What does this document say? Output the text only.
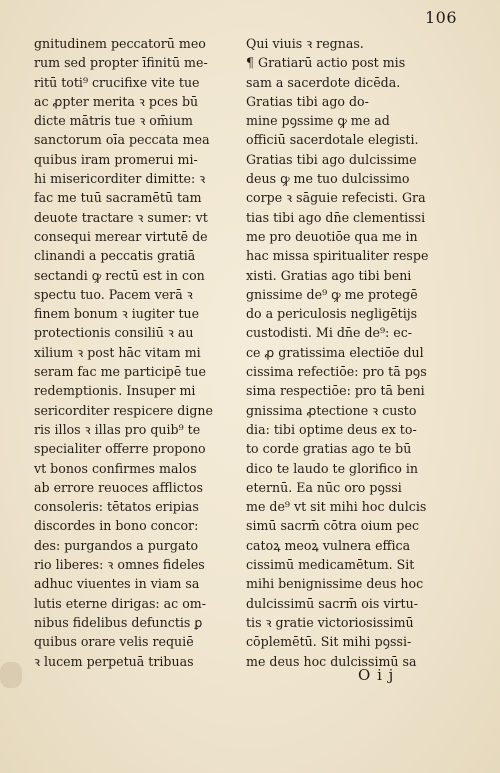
106
gnitudinem peccatorū meo
rum sed propter īfinitū me-
ritū toti⁹ crucifixe vite tue
ac ꝓpter merita ꝛ pces bū
dicte mātris tue ꝛ om̄ium
sanctorum oīa peccata mea
quibus iram promerui mi-
hi misericorditer dimitte: ꝛ
fac me tuū sacramētū tam
deuote tractare ꝛ sumer: vt
consequi merear virtutē de
clinandi a peccatis gratiā
sectandi ꝙ rectū est in con
spectu tuo. Pacem verā ꝛ
finem bonum ꝛ iugiter tue
protectionis consiliū ꝛ au
xilium ꝛ post hāc vitam mi
seram fac me participē tue
redemptionis. Insuper mi
sericorditer respicere digne
ris illos ꝛ illas pro quib⁹ te
specialiter offerre propono
vt bonos confirmes malos
ab errore reuoces afflictos
consoleris: tētatos eripias
discordes in bono concor:
des: purgandos a purgato
rio liberes: ꝛ omnes fideles
adhuc viuentes in viam sa
lutis eterne dirigas: ac om-
nibus fidelibus defunctis ꝑ
quibus orare velis requiē
ꝛ lucem perpetuā tribuas
Qui viuis ꝛ regnas.
¶ Gratiarū actio post mis
sam a sacerdote dicēda.
Gratias tibi ago do-
mine pꝯssime ꝙ me ad
officiū sacerdotale elegisti.
Gratias tibi ago dulcissime
deus ꝙ me tuo dulcissimo
corpe ꝛ sāguie refecisti. Gra
tias tibi ago dn̄e clementissi
me pro deuotiōe qua me in
hac missa spiritualiter respe
xisti. Gratias ago tibi beni
gnissime de⁹ ꝙ me protegē
do a periculosis negligētijs
custodisti. Mi dn̄e de⁹: ec-
ce ꝓ gratissima electiōe dul
cissima refectiōe: pro tā pꝯs
sima respectiōe: pro tā beni
gnissima ꝓtectione ꝛ custo
dia: tibi optime deus ex to-
to corde gratias ago te bū
dico te laudo te glorifico in
eternū. Ea nūc oro pꝯssi
me de⁹ vt sit mihi hoc dulcis
simū sacrm̄ cōtra oium pec
catoꝝ meoꝝ vulnera effica
cissimū medicamētum. Sit
mihi benignissime deus hoc
dulcissimū sacrm̄ ois virtu-
tis ꝛ gratie victoriosissimū
cōplemētū. Sit mihi pꝯssi-
me deus hoc dulcissimū sa
O i j
